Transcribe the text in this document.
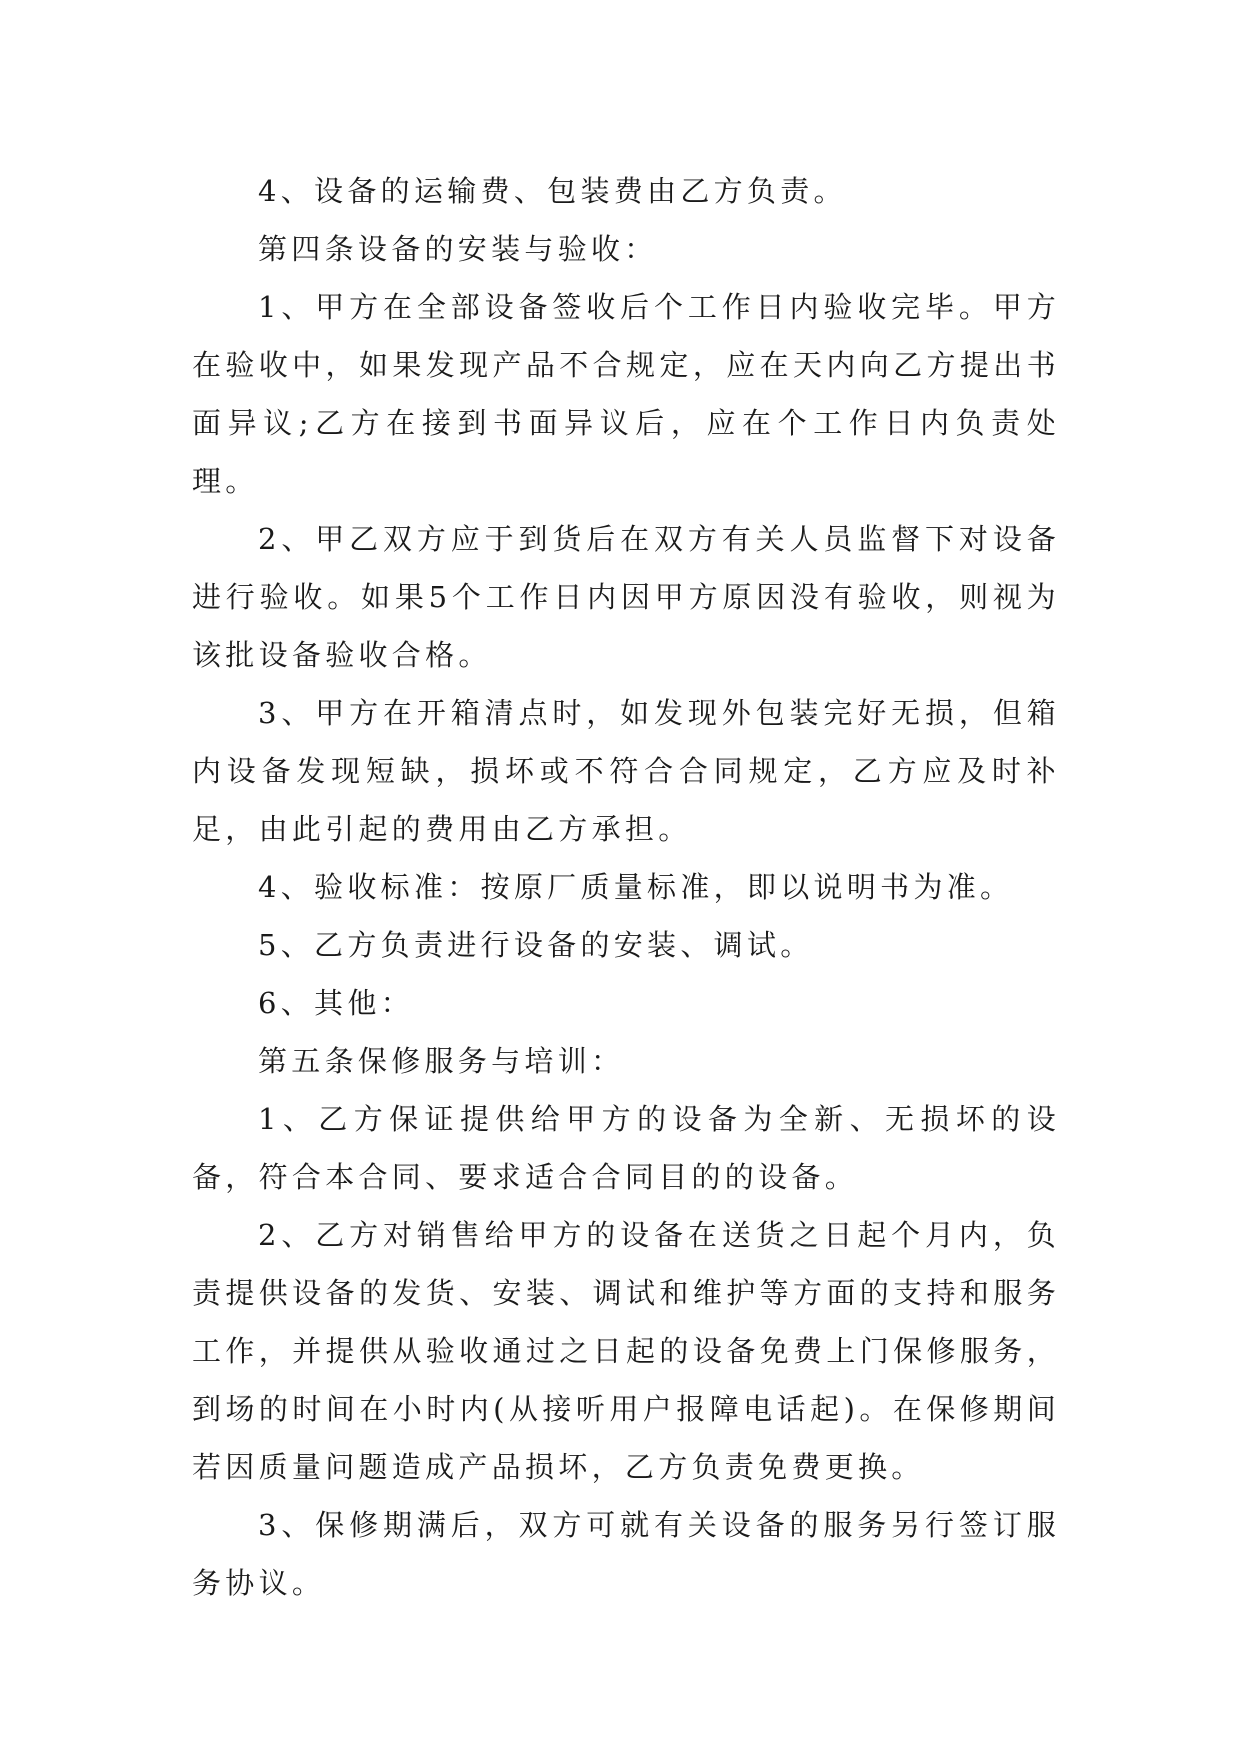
4、设备的运输费、包装费由乙方负责。

第四条设备的安装与验收：

1、甲方在全部设备签收后个工作日内验收完毕。甲方在验收中，如果发现产品不合规定，应在天内向乙方提出书面异议;乙方在接到书面异议后，应在个工作日内负责处理。

2、甲乙双方应于到货后在双方有关人员监督下对设备进行验收。如果5个工作日内因甲方原因没有验收，则视为该批设备验收合格。

3、甲方在开箱清点时，如发现外包装完好无损，但箱内设备发现短缺，损坏或不符合合同规定，乙方应及时补足，由此引起的费用由乙方承担。

4、验收标准：按原厂质量标准，即以说明书为准。

5、乙方负责进行设备的安装、调试。

6、其他：

第五条保修服务与培训：

1、乙方保证提供给甲方的设备为全新、无损坏的设备，符合本合同、要求适合合同目的的设备。

2、乙方对销售给甲方的设备在送货之日起个月内，负责提供设备的发货、安装、调试和维护等方面的支持和服务工作，并提供从验收通过之日起的设备免费上门保修服务，到场的时间在小时内(从接听用户报障电话起)。在保修期间若因质量问题造成产品损坏，乙方负责免费更换。

3、保修期满后，双方可就有关设备的服务另行签订服务协议。
